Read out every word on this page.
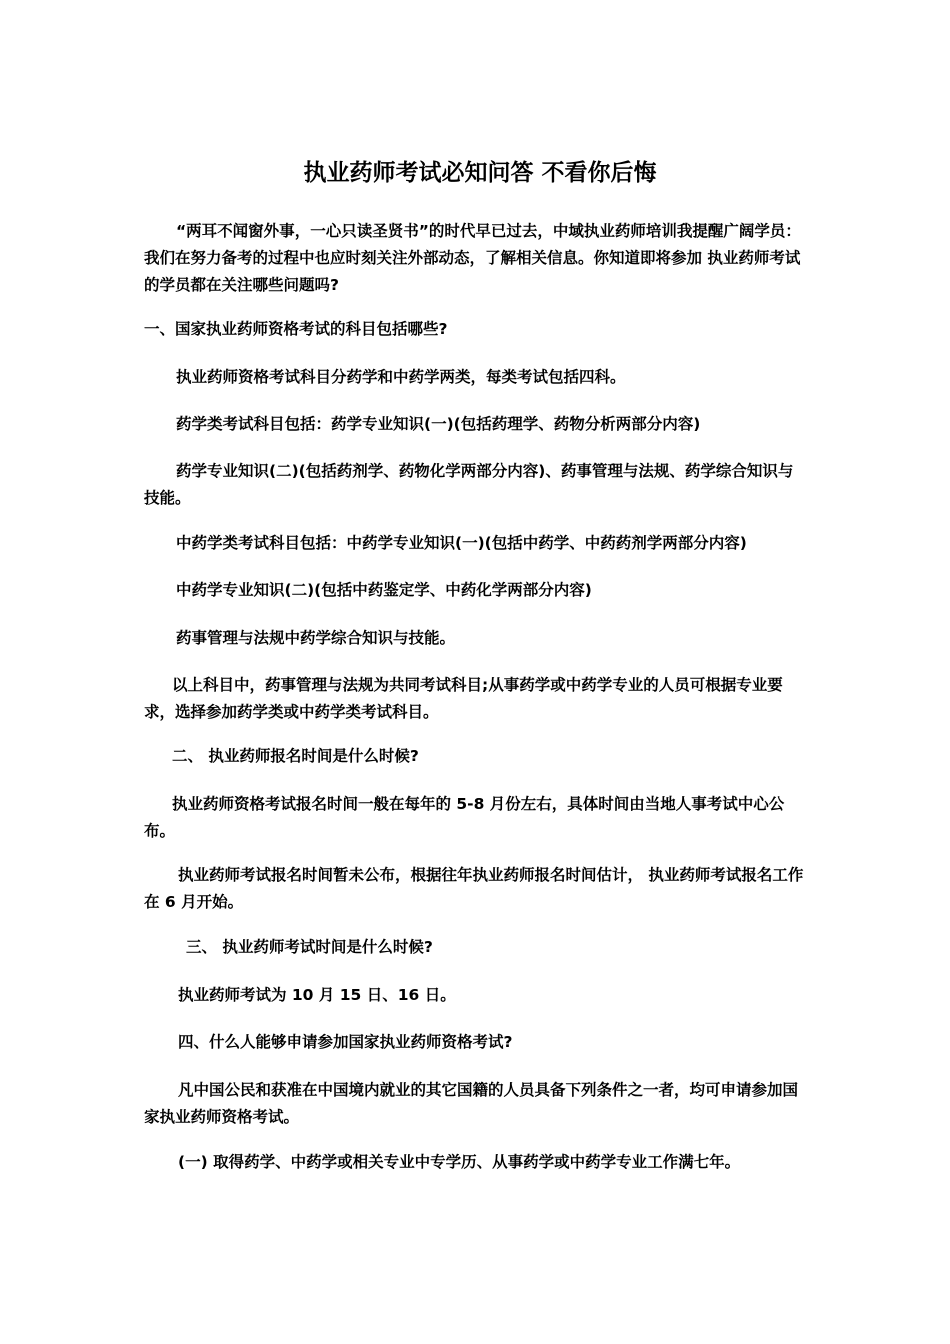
执业药师考试必知问答 不看你后悔

“两耳不闻窗外事，一心只读圣贤书”的时代早已过去，中域执业药师培训我提醒广阔学员：我们在努力备考的过程中也应时刻关注外部动态，了解相关信息。你知道即将参加 执业药师考试的学员都在关注哪些问题吗?

一、国家执业药师资格考试的科目包括哪些?

执业药师资格考试科目分药学和中药学两类，每类考试包括四科。

药学类考试科目包括：药学专业知识(一)(包括药理学、药物分析两部分内容)

药学专业知识(二)(包括药剂学、药物化学两部分内容)、药事管理与法规、药学综合知识与技能。

中药学类考试科目包括：中药学专业知识(一)(包括中药学、中药药剂学两部分内容)

中药学专业知识(二)(包括中药鉴定学、中药化学两部分内容)

药事管理与法规中药学综合知识与技能。

以上科目中，药事管理与法规为共同考试科目;从事药学或中药学专业的人员可根据专业要求，选择参加药学类或中药学类考试科目。

二、 执业药师报名时间是什么时候?

执业药师资格考试报名时间一般在每年的 5-8 月份左右，具体时间由当地人事考试中心公布。

执业药师考试报名时间暂未公布，根据往年执业药师报名时间估计， 执业药师考试报名工作在 6 月开始。

三、 执业药师考试时间是什么时候?

执业药师考试为 10 月 15 日、16 日。

四、什么人能够申请参加国家执业药师资格考试?

凡中国公民和获准在中国境内就业的其它国籍的人员具备下列条件之一者，均可申请参加国家执业药师资格考试。

(一) 取得药学、中药学或相关专业中专学历、从事药学或中药学专业工作满七年。
